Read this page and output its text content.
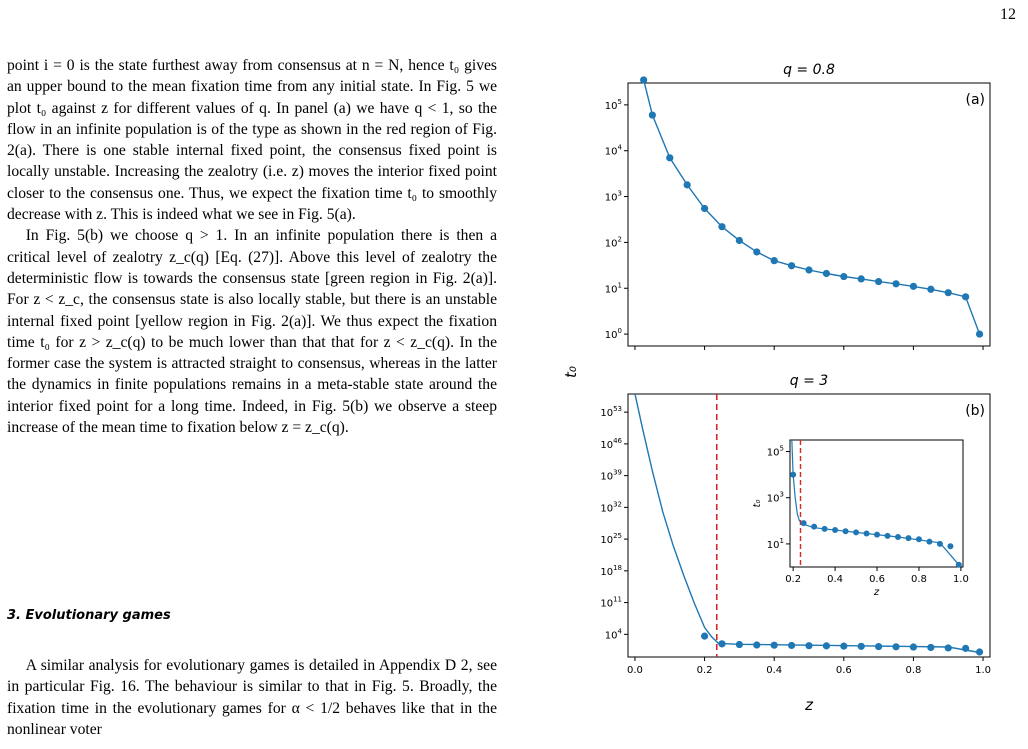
12

point i = 0 is the state furthest away from consensus at n = N, hence t₀ gives an upper bound to the mean fixation time from any initial state. In Fig. 5 we plot t₀ against z for different values of q. In panel (a) we have q < 1, so the flow in an infinite population is of the type as shown in the red region of Fig. 2(a). There is one stable internal fixed point, the consensus fixed point is locally unstable. Increasing the zealotry (i.e. z) moves the interior fixed point closer to the consensus one. Thus, we expect the fixation time t₀ to smoothly decrease with z. This is indeed what we see in Fig. 5(a).

In Fig. 5(b) we choose q > 1. In an infinite population there is then a critical level of zealotry z_c(q) [Eq. (27)]. Above this level of zealotry the deterministic flow is towards the consensus state [green region in Fig. 2(a)]. For z < z_c, the consensus state is also locally stable, but there is an unstable internal fixed point [yellow region in Fig. 2(a)]. We thus expect the fixation time t₀ for z > z_c(q) to be much lower than that that for z < z_c(q). In the former case the system is attracted straight to consensus, whereas in the latter the dynamics in finite populations remains in a meta-stable state around the interior fixed point for a long time. Indeed, in Fig. 5(b) we observe a steep increase of the mean time to fixation below z = z_c(q).

3. Evolutionary games

A similar analysis for evolutionary games is detailed in Appendix D 2, see in particular Fig. 16. The behaviour is similar to that in Fig. 5. Broadly, the fixation time in the evolutionary games for α < 1/2 behaves like that in the nonlinear voter

$10^0$
$10^1$
$10^2$
$10^3$
$10^4$
$10^5$
q = 0.8
(a)
$10^4$
$10^{11}$
$10^{18}$
$10^{25}$
$10^{32}$
$10^{39}$
$10^{46}$
$10^{53}$
0.0	0.2	0.4	0.6	0.8	1.0
q = 3
(b)
$10^1$
$10^3$
$10^5$
0.2	0.4	0.6	0.8	1.0
z
t₀
t₀
z
